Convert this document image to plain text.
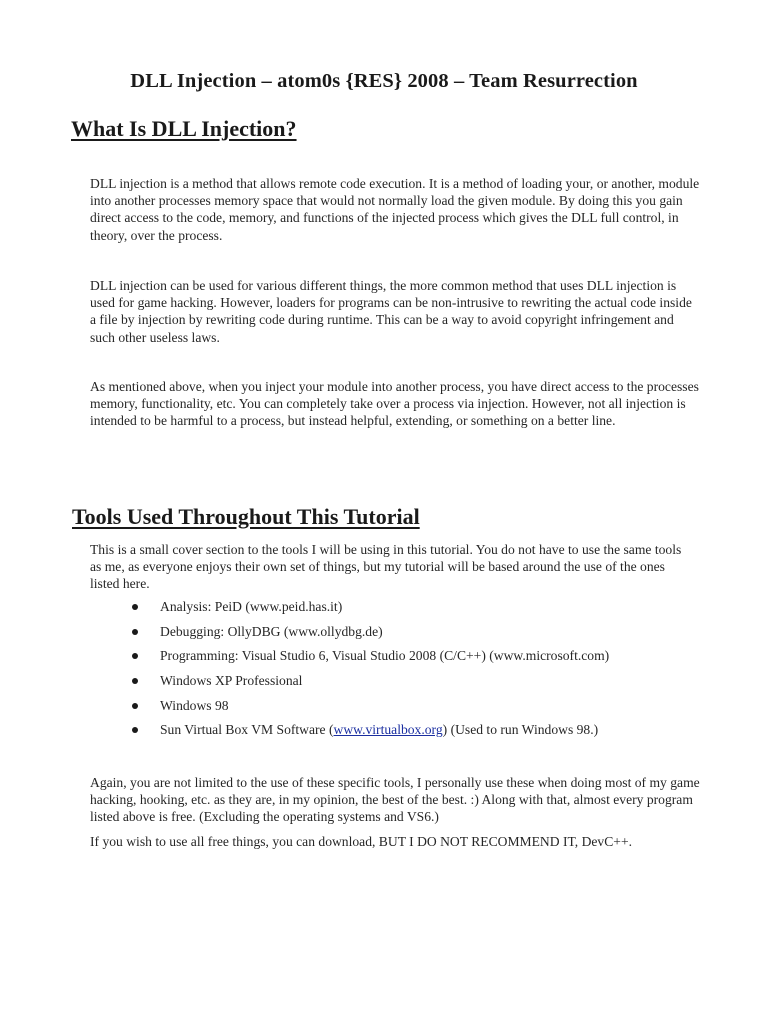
DLL Injection – atom0s {RES} 2008 – Team Resurrection
What Is DLL Injection?
DLL injection is a method that allows remote code execution. It is a method of loading your, or another, module into another processes memory space that would not normally load the given module. By doing this you gain direct access to the code, memory, and functions of the injected process which gives the DLL full control, in theory, over the process.
DLL injection can be used for various different things, the more common method that uses DLL injection is used for game hacking. However, loaders for programs can be non-intrusive to rewriting the actual code inside a file by injection by rewriting code during runtime. This can be a way to avoid copyright infringement and such other useless laws.
As mentioned above, when you inject your module into another process, you have direct access to the processes memory, functionality, etc. You can completely take over a process via injection. However, not all injection is intended to be harmful to a process, but instead helpful, extending, or something on a better line.
Tools Used Throughout This Tutorial
This is a small cover section to the tools I will be using in this tutorial. You do not have to use the same tools as me, as everyone enjoys their own set of things, but my tutorial will be based around the use of the ones listed here.
Analysis: PeiD (www.peid.has.it)
Debugging: OllyDBG (www.ollydbg.de)
Programming: Visual Studio 6, Visual Studio 2008 (C/C++) (www.microsoft.com)
Windows XP Professional
Windows 98
Sun Virtual Box VM Software (www.virtualbox.org) (Used to run Windows 98.)
Again, you are not limited to the use of these specific tools, I personally use these when doing most of my game hacking, hooking, etc. as they are, in my opinion, the best of the best. :) Along with that, almost every program listed above is free. (Excluding the operating systems and VS6.)
If you wish to use all free things, you can download, BUT I DO NOT RECOMMEND IT, DevC++.
